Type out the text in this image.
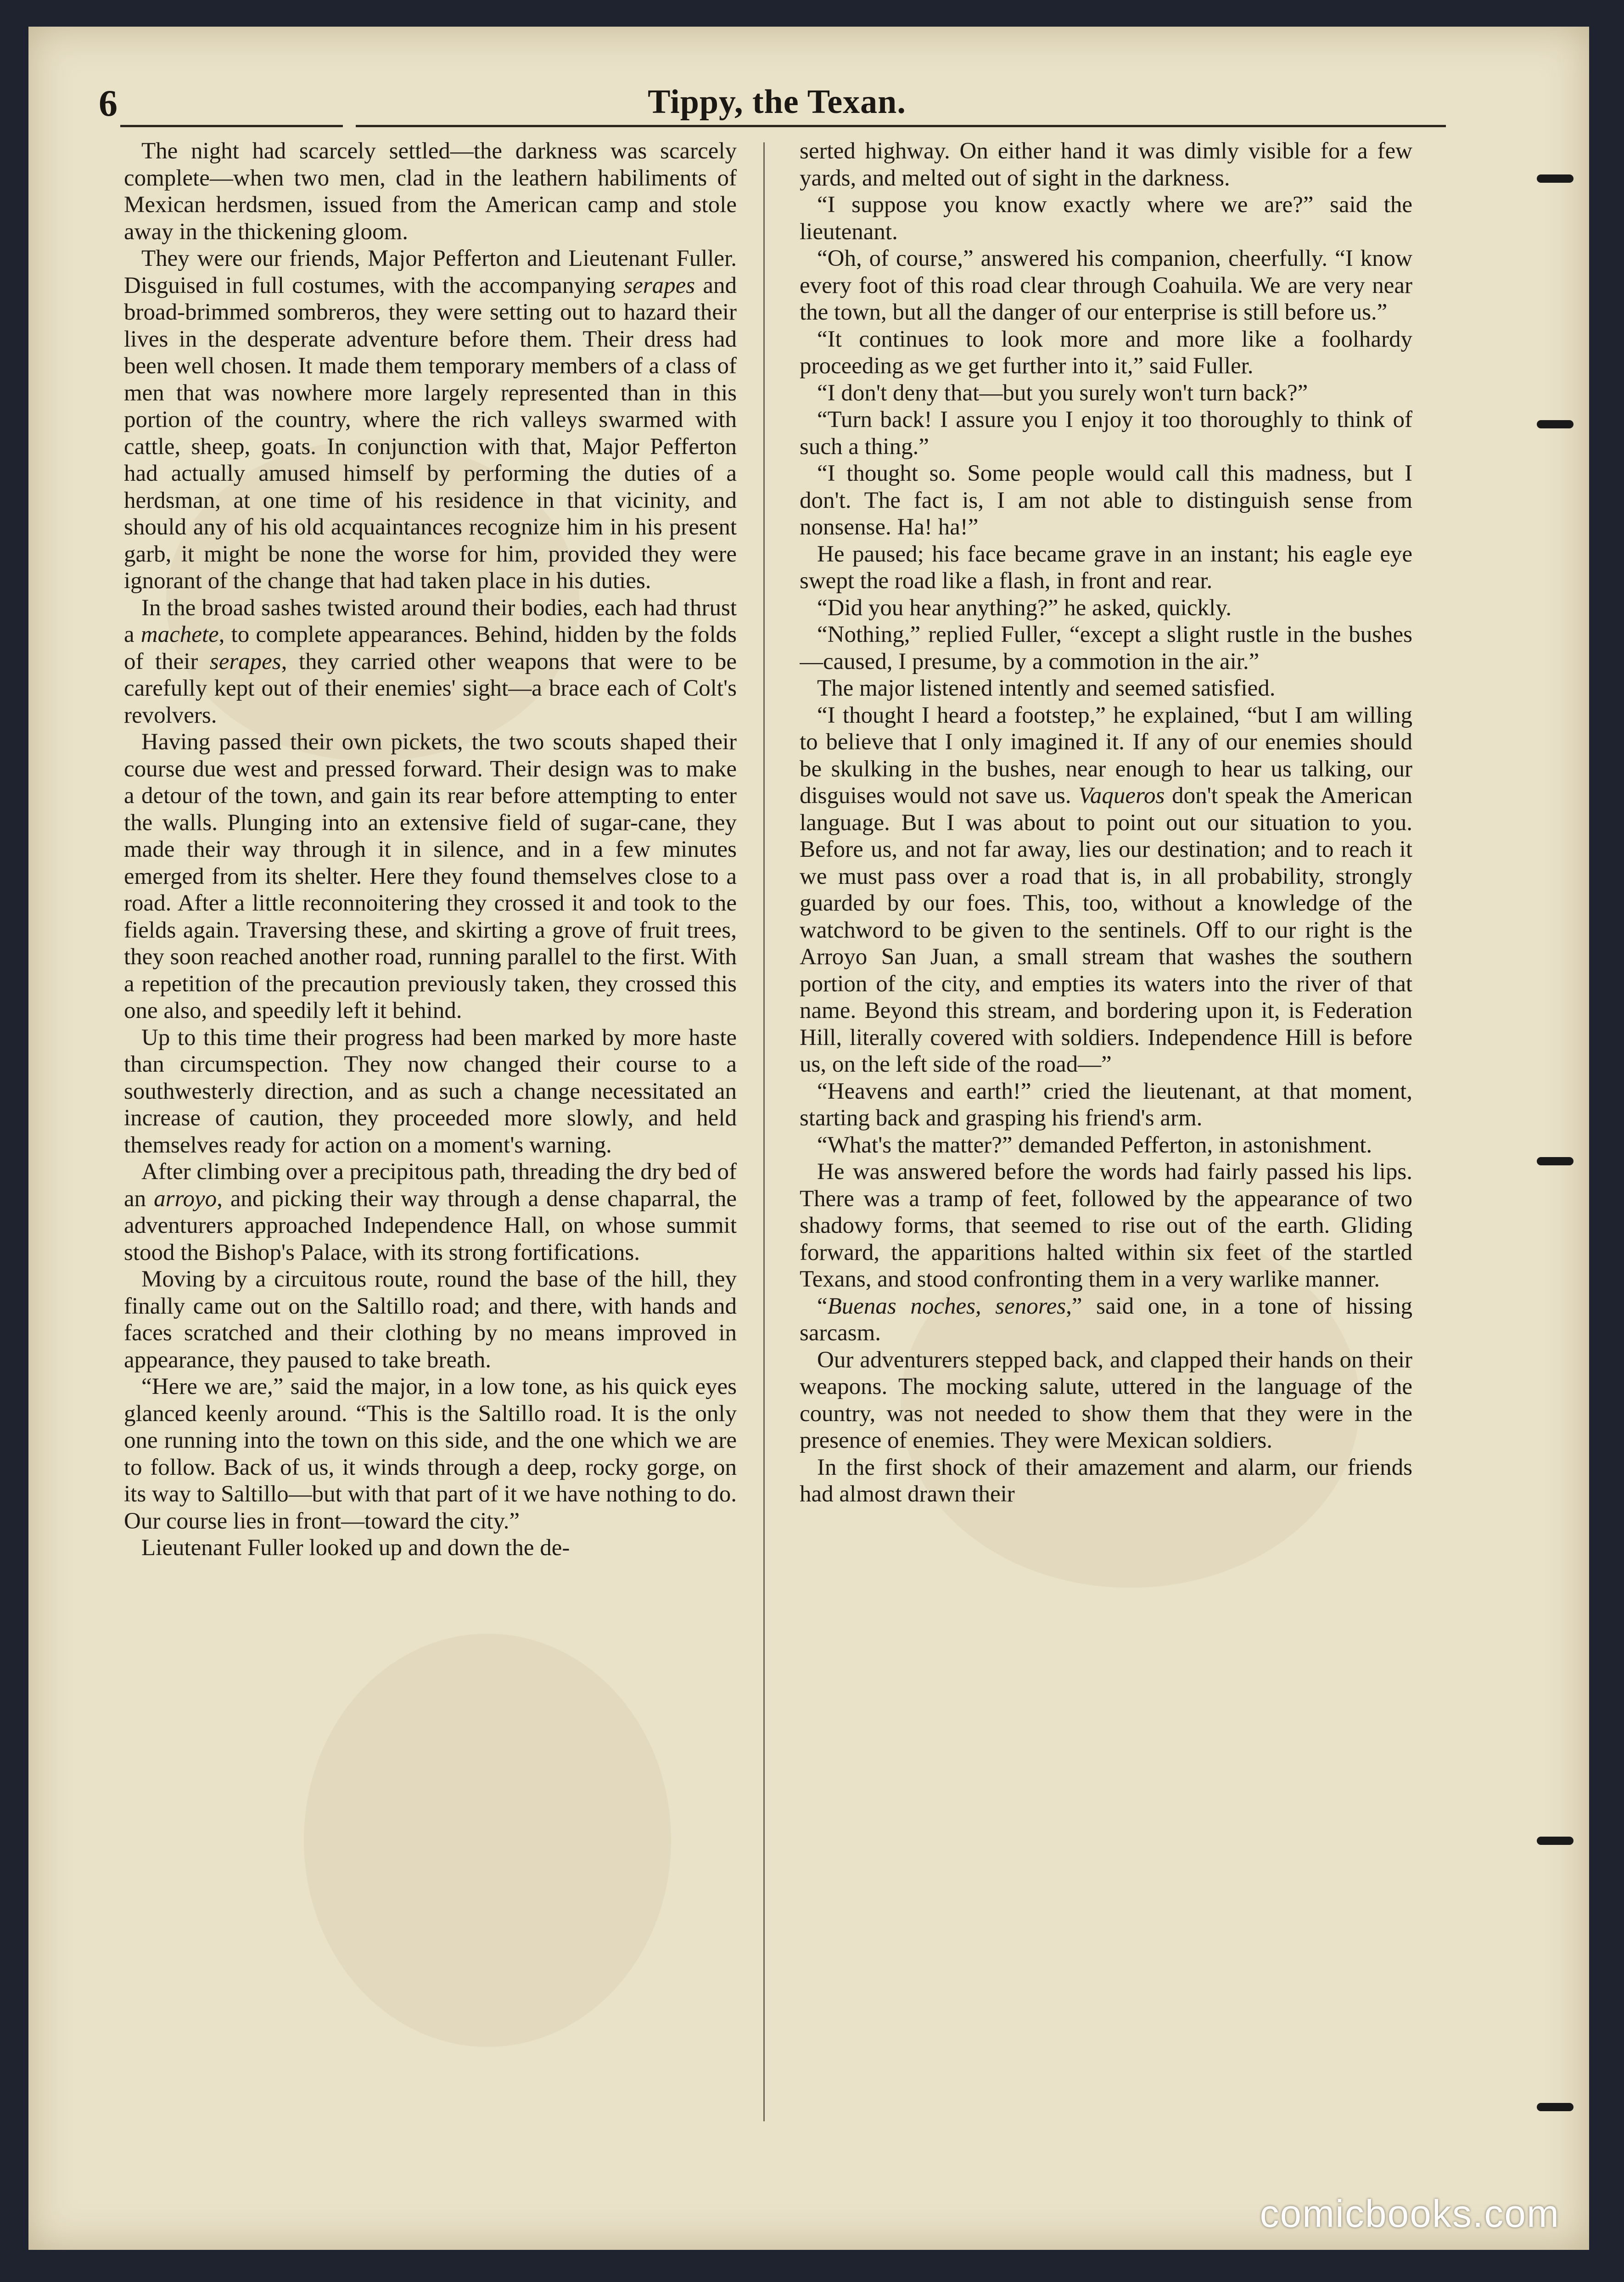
6	Tippy, the Texan.

The night had scarcely settled—the darkness was scarcely complete—when two men, clad in the leathern habiliments of Mexican herdsmen, issued from the American camp and stole away in the thickening gloom.

They were our friends, Major Pefferton and Lieutenant Fuller. Disguised in full costumes, with the accompanying serapes and broad-brimmed sombreros, they were setting out to hazard their lives in the desperate adventure before them. Their dress had been well chosen. It made them temporary members of a class of men that was nowhere more largely represented than in this portion of the country, where the rich valleys swarmed with cattle, sheep, goats. In conjunction with that, Major Pefferton had actually amused himself by performing the duties of a herdsman, at one time of his residence in that vicinity, and should any of his old acquaintances recognize him in his present garb, it might be none the worse for him, provided they were ignorant of the change that had taken place in his duties.

In the broad sashes twisted around their bodies, each had thrust a machete, to complete appearances. Behind, hidden by the folds of their serapes, they carried other weapons that were to be carefully kept out of their enemies' sight—a brace each of Colt's revolvers.

Having passed their own pickets, the two scouts shaped their course due west and pressed forward. Their design was to make a detour of the town, and gain its rear before attempting to enter the walls. Plunging into an extensive field of sugar-cane, they made their way through it in silence, and in a few minutes emerged from its shelter. Here they found themselves close to a road. After a little reconnoitering they crossed it and took to the fields again. Traversing these, and skirting a grove of fruit trees, they soon reached another road, running parallel to the first. With a repetition of the precaution previously taken, they crossed this one also, and speedily left it behind.

Up to this time their progress had been marked by more haste than circumspection. They now changed their course to a southwesterly direction, and as such a change necessitated an increase of caution, they proceeded more slowly, and held themselves ready for action on a moment's warning.

After climbing over a precipitous path, threading the dry bed of an arroyo, and picking their way through a dense chaparral, the adventurers approached Independence Hall, on whose summit stood the Bishop's Palace, with its strong fortifications.

Moving by a circuitous route, round the base of the hill, they finally came out on the Saltillo road; and there, with hands and faces scratched and their clothing by no means improved in appearance, they paused to take breath.

“Here we are,” said the major, in a low tone, as his quick eyes glanced keenly around. “This is the Saltillo road. It is the only one running into the town on this side, and the one which we are to follow. Back of us, it winds through a deep, rocky gorge, on its way to Saltillo—but with that part of it we have nothing to do. Our course lies in front—toward the city.”

Lieutenant Fuller looked up and down the de-

serted highway. On either hand it was dimly visible for a few yards, and melted out of sight in the darkness.

“I suppose you know exactly where we are?” said the lieutenant.

“Oh, of course,” answered his companion, cheerfully. “I know every foot of this road clear through Coahuila. We are very near the town, but all the danger of our enterprise is still before us.”

“It continues to look more and more like a foolhardy proceeding as we get further into it,” said Fuller.

“I don't deny that—but you surely won't turn back?”

“Turn back! I assure you I enjoy it too thoroughly to think of such a thing.”

“I thought so. Some people would call this madness, but I don't. The fact is, I am not able to distinguish sense from nonsense. Ha! ha!”

He paused; his face became grave in an instant; his eagle eye swept the road like a flash, in front and rear.

“Did you hear anything?” he asked, quickly.

“Nothing,” replied Fuller, “except a slight rustle in the bushes—caused, I presume, by a commotion in the air.”

The major listened intently and seemed satisfied.

“I thought I heard a footstep,” he explained, “but I am willing to believe that I only imagined it. If any of our enemies should be skulking in the bushes, near enough to hear us talking, our disguises would not save us. Vaqueros don't speak the American language. But I was about to point out our situation to you. Before us, and not far away, lies our destination; and to reach it we must pass over a road that is, in all probability, strongly guarded by our foes. This, too, without a knowledge of the watchword to be given to the sentinels. Off to our right is the Arroyo San Juan, a small stream that washes the southern portion of the city, and empties its waters into the river of that name. Beyond this stream, and bordering upon it, is Federation Hill, literally covered with soldiers. Independence Hill is before us, on the left side of the road—”

“Heavens and earth!” cried the lieutenant, at that moment, starting back and grasping his friend's arm.

“What's the matter?” demanded Pefferton, in astonishment.

He was answered before the words had fairly passed his lips. There was a tramp of feet, followed by the appearance of two shadowy forms, that seemed to rise out of the earth. Gliding forward, the apparitions halted within six feet of the startled Texans, and stood confronting them in a very warlike manner.

“Buenas noches, senores,” said one, in a tone of hissing sarcasm.

Our adventurers stepped back, and clapped their hands on their weapons. The mocking salute, uttered in the language of the country, was not needed to show them that they were in the presence of enemies. They were Mexican soldiers.

In the first shock of their amazement and alarm, our friends had almost drawn their

comicbooks.com
